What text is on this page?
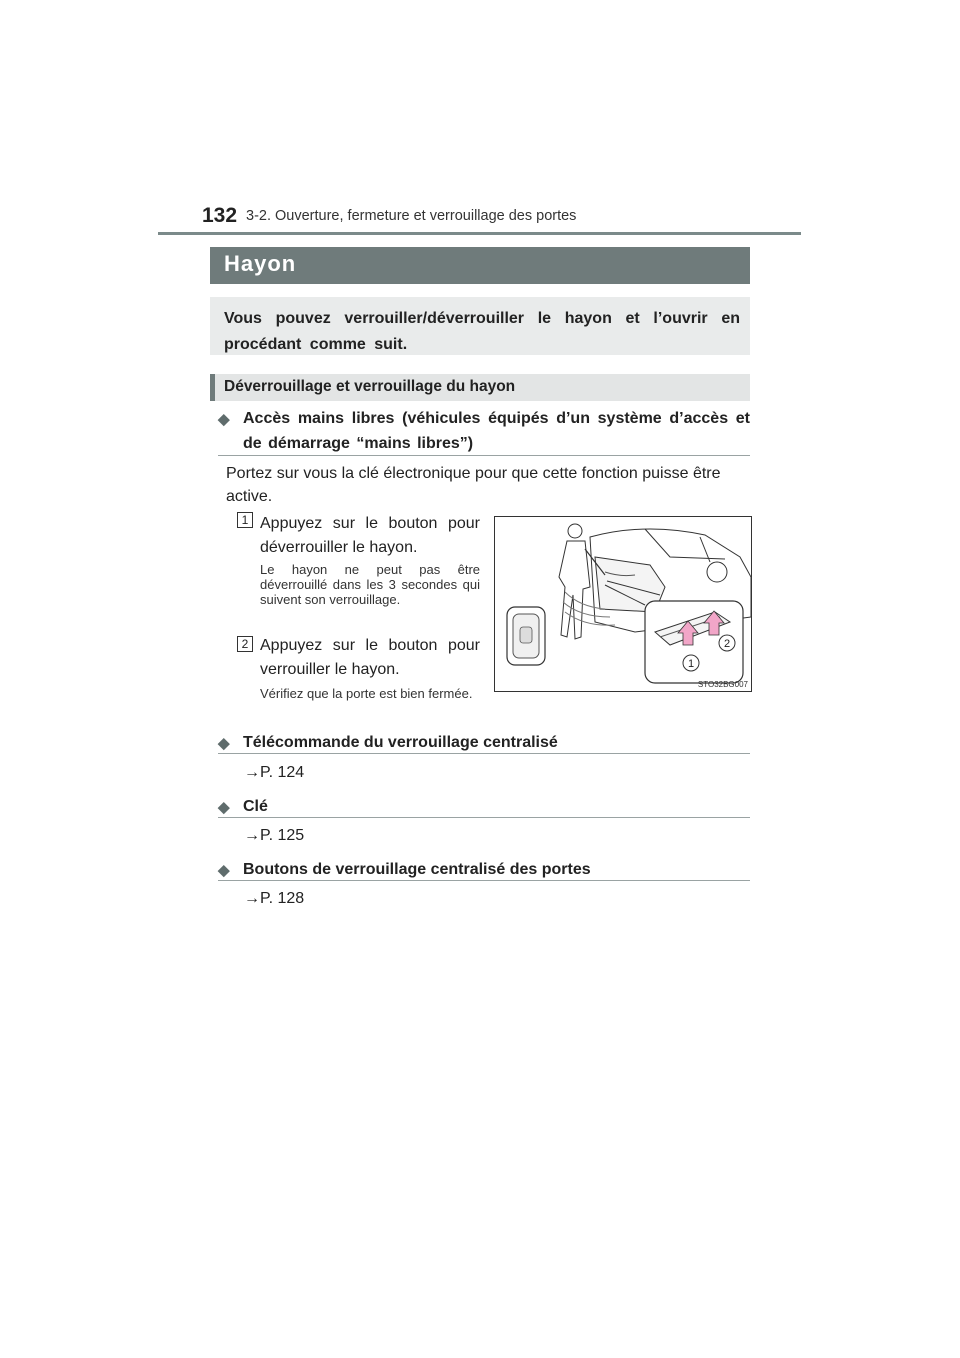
132 3-2. Ouverture, fermeture et verrouillage des portes
Hayon

Vous pouvez verrouiller/déverrouiller le hayon et l’ouvrir en procédant comme suit.

Déverrouillage et verrouillage du hayon
◆ Accès mains libres (véhicules équipés d’un système d’accès et de démarrage “mains libres”)
Portez sur vous la clé électronique pour que cette fonction puisse être active.
1 Appuyez sur le bouton pour déverrouiller le hayon.
Le hayon ne peut pas être déverrouillé dans les 3 secondes qui suivent son verrouillage.
2 Appuyez sur le bouton pour verrouiller le hayon.
Vérifiez que la porte est bien fermée.
1
2
STO32BG007
◆ Télécommande du verrouillage centralisé
→P. 124
◆ Clé
→P. 125
◆ Boutons de verrouillage centralisé des portes
→P. 128
